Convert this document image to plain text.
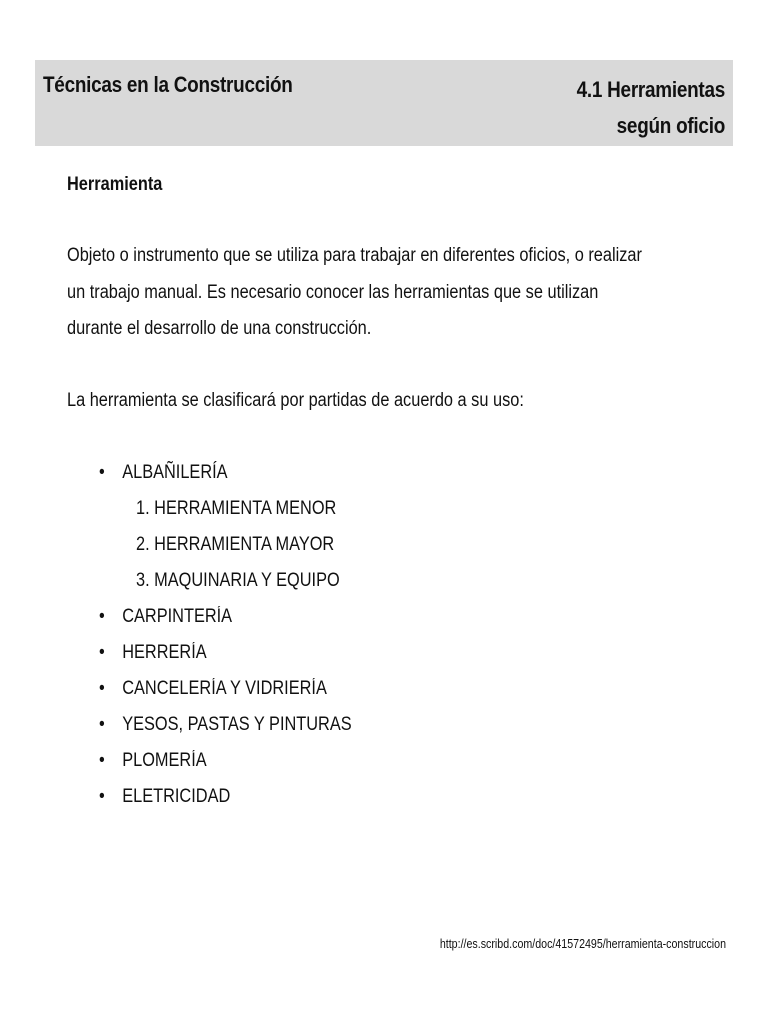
Técnicas en la Construcción	4.1 Herramientas
según oficio
Herramienta
Objeto o instrumento que se utiliza para trabajar en diferentes oficios, o realizar
un trabajo manual. Es necesario conocer las herramientas que se utilizan
durante el desarrollo de una construcción.
La herramienta se clasificará por partidas de acuerdo a su uso:
• ALBAÑILERÍA
1. HERRAMIENTA MENOR
2. HERRAMIENTA MAYOR
3. MAQUINARIA Y EQUIPO
• CARPINTERÍA
• HERRERÍA
• CANCELERÍA Y VIDRIERÍA
• YESOS, PASTAS Y PINTURAS
• PLOMERÍA
• ELETRICIDAD
http://es.scribd.com/doc/41572495/herramienta-construccion
